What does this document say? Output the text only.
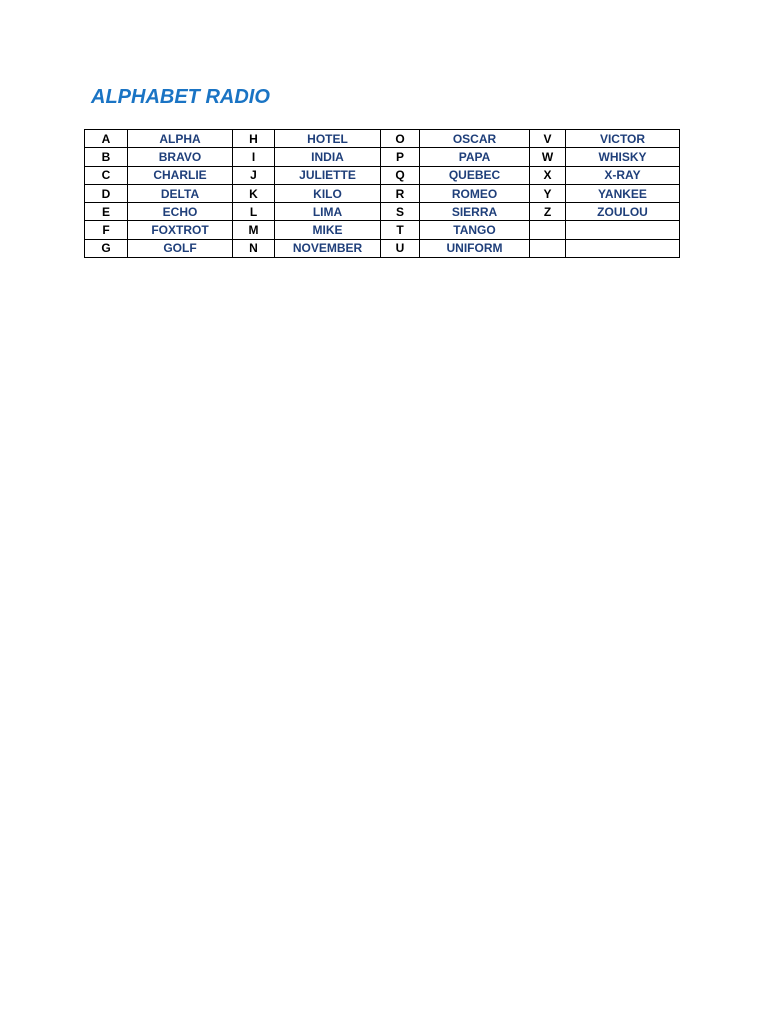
ALPHABET RADIO
A	ALPHA	H	HOTEL	O	OSCAR	V	VICTOR
B	BRAVO	I	INDIA	P	PAPA	W	WHISKY
C	CHARLIE	J	JULIETTE	Q	QUEBEC	X	X-RAY
D	DELTA	K	KILO	R	ROMEO	Y	YANKEE
E	ECHO	L	LIMA	S	SIERRA	Z	ZOULOU
F	FOXTROT	M	MIKE	T	TANGO		
G	GOLF	N	NOVEMBER	U	UNIFORM		
